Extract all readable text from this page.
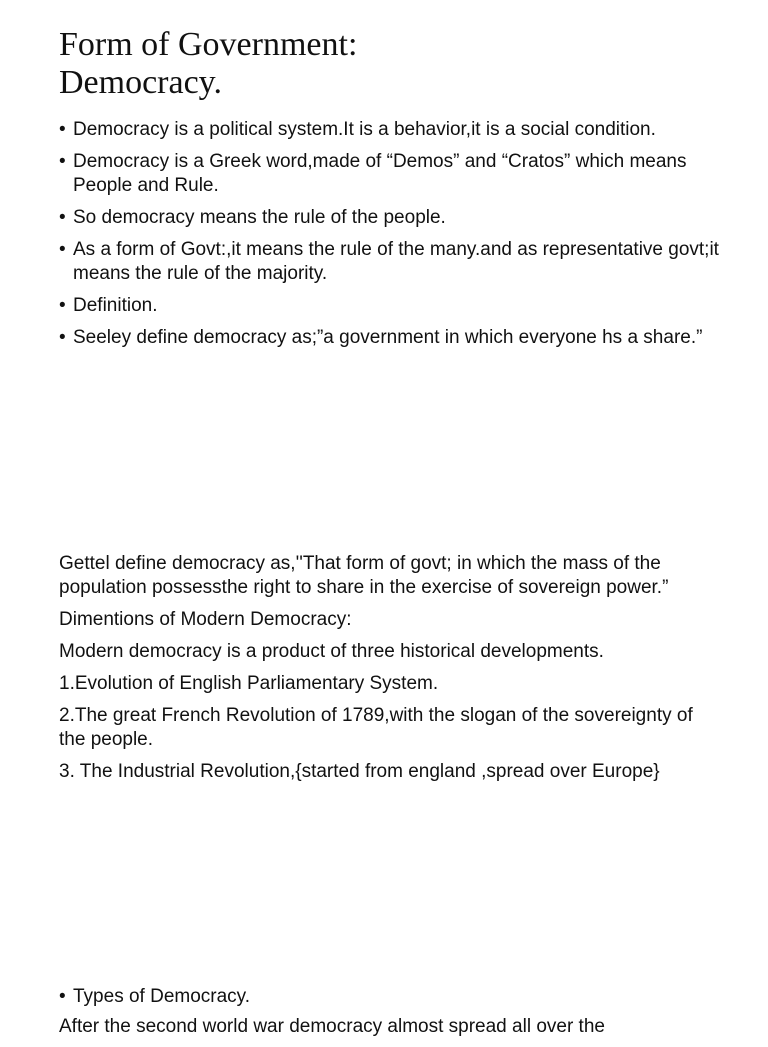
Form of Government:
Democracy.
• Democracy is a political system.It is a behavior,it is a social condition.
• Democracy is a Greek word,made of “Demos” and “Cratos” which means People and Rule.
• So democracy means the rule of the people.
• As a form of Govt:,it means the rule of the many.and as representative govt;it means the rule of the majority.
• Definition.
• Seeley define democracy as;”a government in which everyone hs a share.”

Gettel define democracy as,''That form of govt; in which the mass of the population possessthe right to share in the exercise of sovereign power.”

Dimentions of Modern Democracy:

Modern democracy is a product of three historical developments.

1.Evolution of English Parliamentary System.

2.The great French Revolution of 1789,with the slogan of the sovereignty of the people.

3. The Industrial Revolution,{started from england ,spread over Europe}

• Types of Democracy.

After the second world war democracy almost spread all over the
